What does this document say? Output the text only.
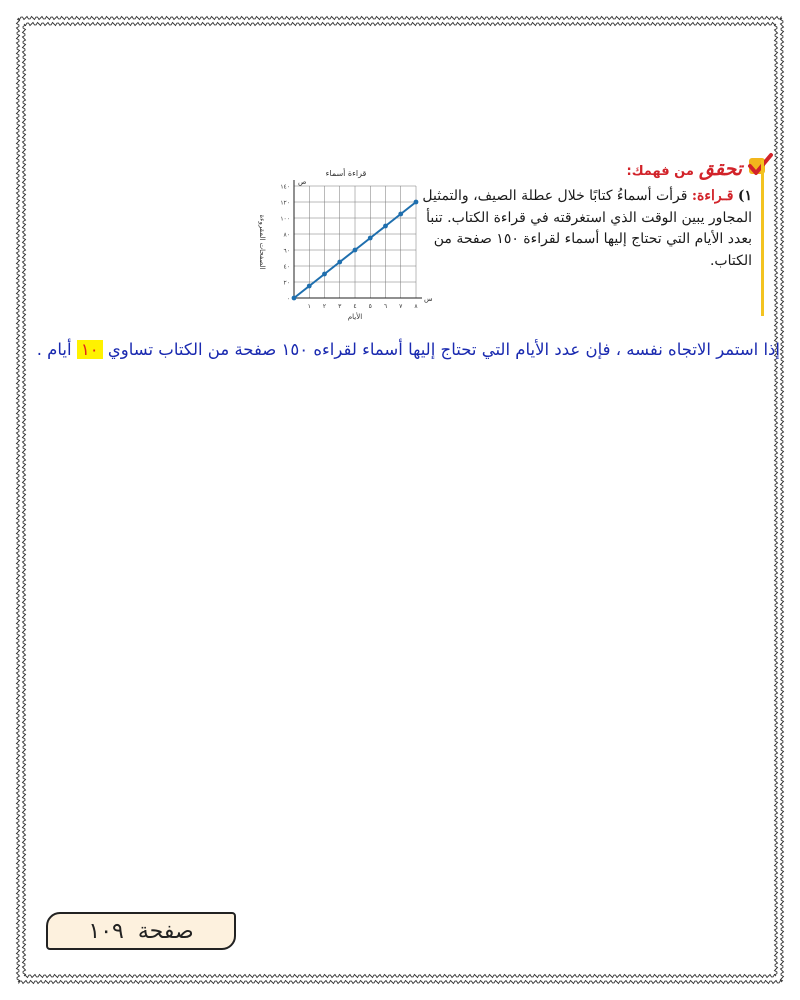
تحقق من فهمك:
١) قـراءة: قرأت أسماءُ كتابًا خلال عطلة الصيف، والتمثيل المجاور يبين الوقت الذي استغرقته في قراءة الكتاب. تنبأ بعدد الأيام التي تحتاج إليها أسماء لقراءة ١٥٠ صفحة من الكتاب.
قراءة أسماء
س
ص
٠
٢٠
٤٠
٦٠
٨٠
١٠٠
١٢٠
١٤٠
١ ٢ ٣ ٤ ٥ ٦ ٧ ٨
الأيام
الصفحات المقروءة
إذا استمر الاتجاه نفسه ، فإن عدد الأيام التي تحتاج إليها أسماء لقراءه ١٥٠ صفحة من الكتاب تساوي ١٠ أيام .
صفحة
١٠٩
